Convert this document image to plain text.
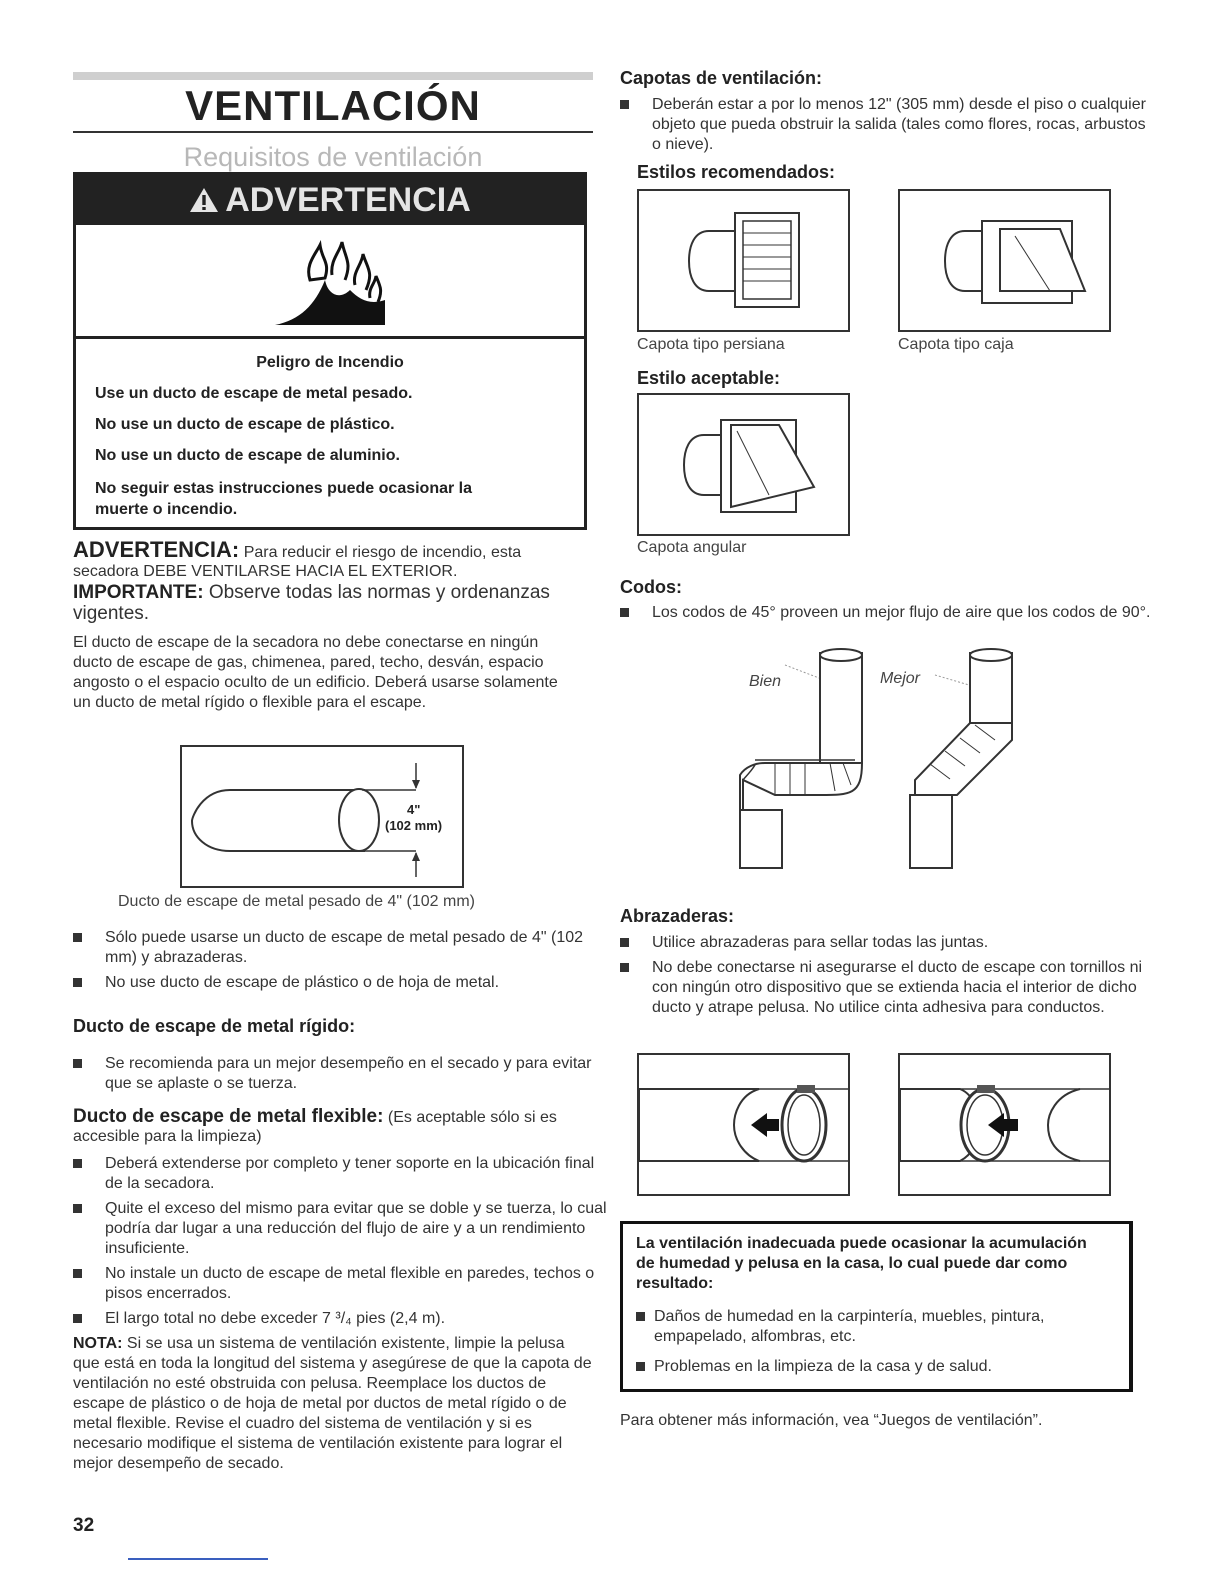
VENTILACIÓN
Requisitos de ventilación
ADVERTENCIA
Peligro de Incendio
Use un ducto de escape de metal pesado.
No use un ducto de escape de plástico.
No use un ducto de escape de aluminio.
No seguir estas instrucciones puede ocasionar la muerte o incendio.
ADVERTENCIA: Para reducir el riesgo de incendio, esta secadora DEBE VENTILARSE HACIA EL EXTERIOR.
IMPORTANTE: Observe todas las normas y ordenanzas vigentes.
El ducto de escape de la secadora no debe conectarse en ningún ducto de escape de gas, chimenea, pared, techo, desván, espacio angosto o el espacio oculto de un edificio. Deberá usarse solamente un ducto de metal rígido o flexible para el escape.
4"
(102 mm)
Ducto de escape de metal pesado de 4" (102 mm)
Sólo puede usarse un ducto de escape de metal pesado de 4" (102 mm) y abrazaderas.
No use ducto de escape de plástico o de hoja de metal.
Ducto de escape de metal rígido:
Se recomienda para un mejor desempeño en el secado y para evitar que se aplaste o se tuerza.
Ducto de escape de metal flexible: (Es aceptable sólo si es accesible para la limpieza)
Deberá extenderse por completo y tener soporte en la ubicación final de la secadora.
Quite el exceso del mismo para evitar que se doble y se tuerza, lo cual podría dar lugar a una reducción del flujo de aire y a un rendimiento insuficiente.
No instale un ducto de escape de metal flexible en paredes, techos o pisos encerrados.
El largo total no debe exceder 7 ³/₄ pies (2,4 m).
NOTA: Si se usa un sistema de ventilación existente, limpie la pelusa que está en toda la longitud del sistema y asegúrese de que la capota de ventilación no esté obstruida con pelusa. Reemplace los ductos de escape de plástico o de hoja de metal por ductos de metal rígido o de metal flexible. Revise el cuadro del sistema de ventilación y si es necesario modifique el sistema de ventilación existente para lograr el mejor desempeño de secado.
32
Capotas de ventilación:
Deberán estar a por lo menos 12" (305 mm) desde el piso o cualquier objeto que pueda obstruir la salida (tales como flores, rocas, arbustos o nieve).
Estilos recomendados:
Capota tipo persiana	Capota tipo caja
Estilo aceptable:
Capota angular
Codos:
Los codos de 45° proveen un mejor flujo de aire que los codos de 90°.
Bien	Mejor
Abrazaderas:
Utilice abrazaderas para sellar todas las juntas.
No debe conectarse ni asegurarse el ducto de escape con tornillos ni con ningún otro dispositivo que se extienda hacia el interior de dicho ducto y atrape pelusa. No utilice cinta adhesiva para conductos.
La ventilación inadecuada puede ocasionar la acumulación de humedad y pelusa en la casa, lo cual puede dar como resultado:
Daños de humedad en la carpintería, muebles, pintura, empapelado, alfombras, etc.
Problemas en la limpieza de la casa y de salud.
Para obtener más información, vea “Juegos de ventilación”.
